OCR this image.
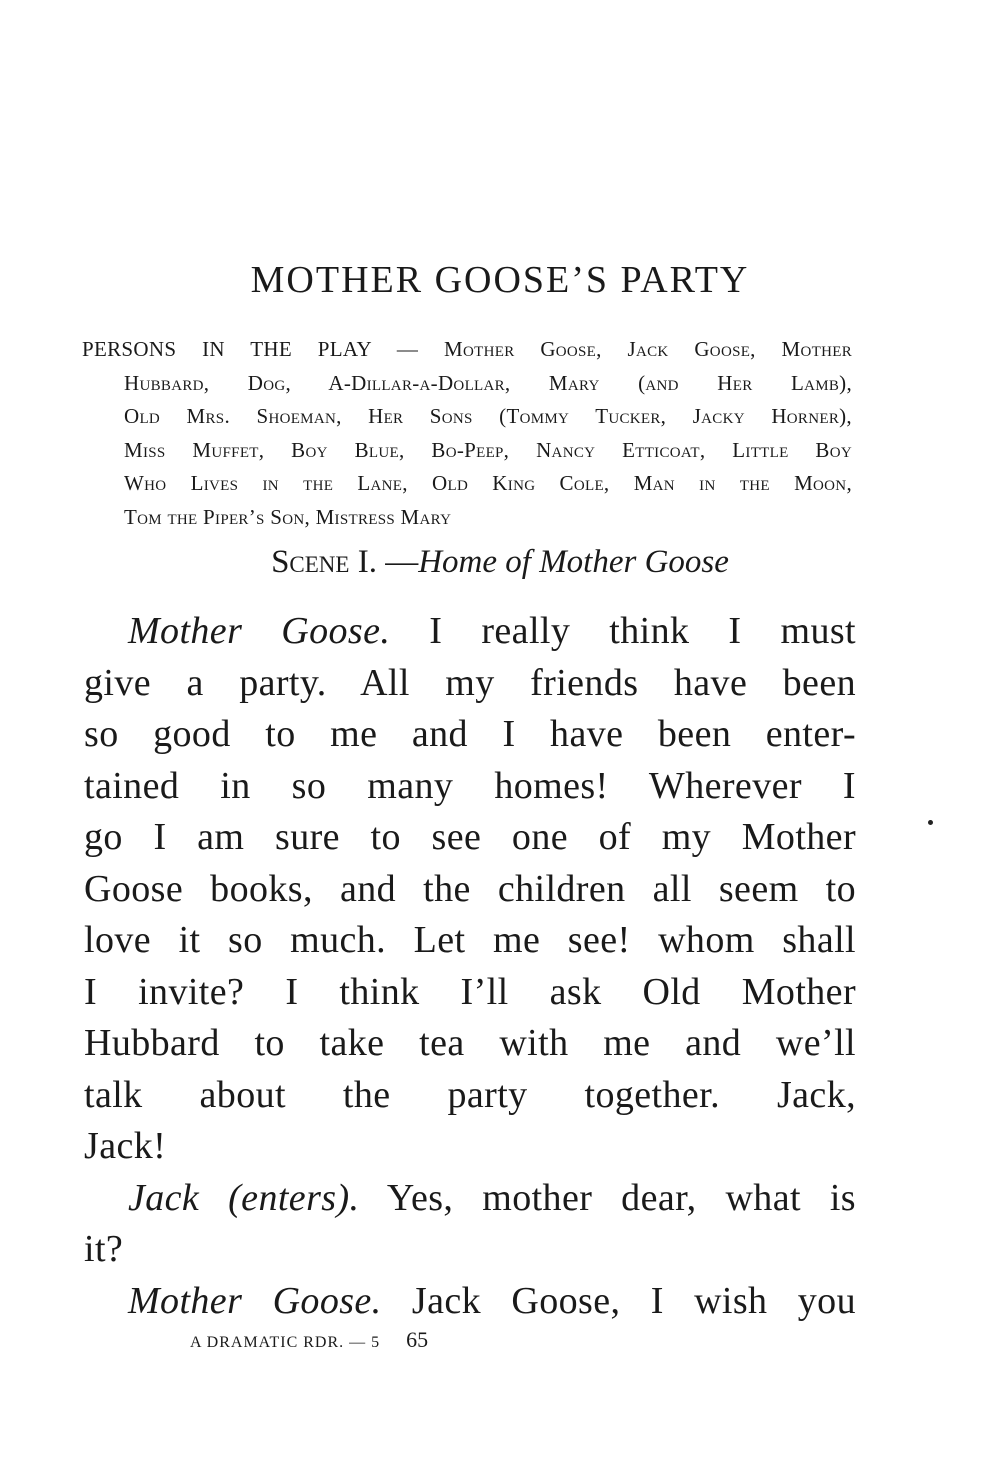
MOTHER GOOSE’S PARTY
PERSONS IN THE PLAY — Mother Goose, Jack Goose, Mother
Hubbard, Dog, A-Dillar-a-Dollar, Mary (and Her Lamb),
Old Mrs. Shoeman, Her Sons (Tommy Tucker, Jacky Horner),
Miss Muffet, Boy Blue, Bo-Peep, Nancy Etticoat, Little Boy
Who Lives in the Lane, Old King Cole, Man in the Moon,
Tom the Piper’s Son, Mistress Mary
Scene I. —Home of Mother Goose
Mother Goose. I really think I must
give a party. All my friends have been
so good to me and I have been enter-
tained in so many homes! Wherever I
go I am sure to see one of my Mother
Goose books, and the children all seem to
love it so much. Let me see! whom shall
I invite? I think I’ll ask Old Mother
Hubbard to take tea with me and we’ll
talk about the party together. Jack,
Jack!
Jack (enters). Yes, mother dear, what is
it?
Mother Goose. Jack Goose, I wish you
A DRAMATIC RDR. — 5 65
